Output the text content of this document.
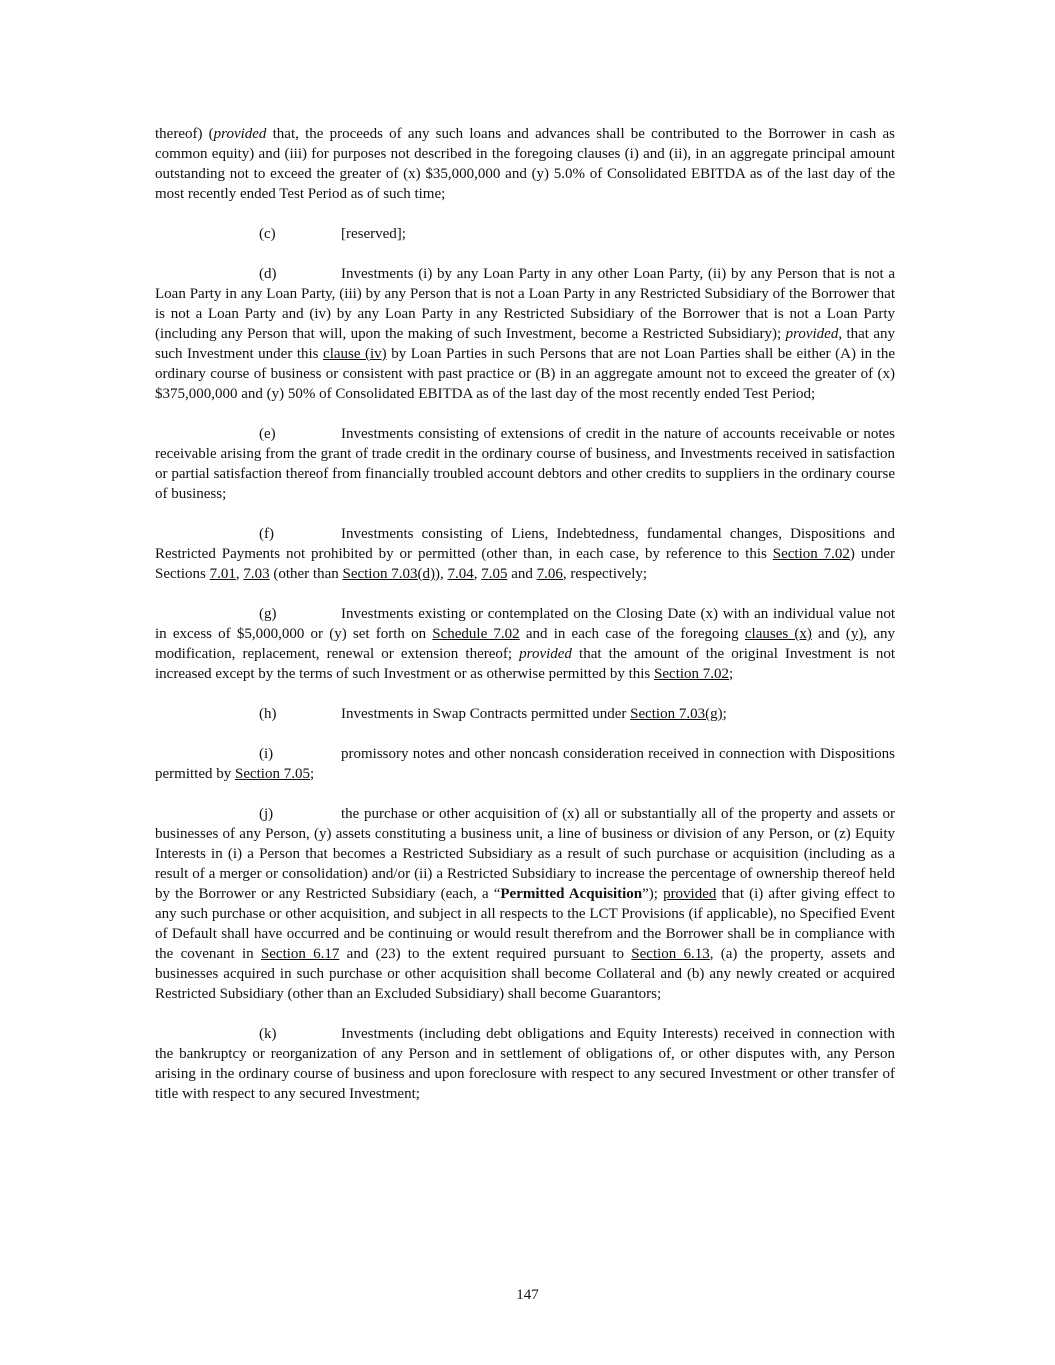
thereof) (provided that, the proceeds of any such loans and advances shall be contributed to the Borrower in cash as common equity) and (iii) for purposes not described in the foregoing clauses (i) and (ii), in an aggregate principal amount outstanding not to exceed the greater of (x) $35,000,000 and (y) 5.0% of Consolidated EBITDA as of the last day of the most recently ended Test Period as of such time;

(c)	[reserved];

(d)	Investments (i) by any Loan Party in any other Loan Party, (ii) by any Person that is not a Loan Party in any Loan Party, (iii) by any Person that is not a Loan Party in any Restricted Subsidiary of the Borrower that is not a Loan Party and (iv) by any Loan Party in any Restricted Subsidiary of the Borrower that is not a Loan Party (including any Person that will, upon the making of such Investment, become a Restricted Subsidiary); provided, that any such Investment under this clause (iv) by Loan Parties in such Persons that are not Loan Parties shall be either (A) in the ordinary course of business or consistent with past practice or (B) in an aggregate amount not to exceed the greater of (x) $375,000,000 and (y) 50% of Consolidated EBITDA as of the last day of the most recently ended Test Period;

(e)	Investments consisting of extensions of credit in the nature of accounts receivable or notes receivable arising from the grant of trade credit in the ordinary course of business, and Investments received in satisfaction or partial satisfaction thereof from financially troubled account debtors and other credits to suppliers in the ordinary course of business;

(f)	Investments consisting of Liens, Indebtedness, fundamental changes, Dispositions and Restricted Payments not prohibited by or permitted (other than, in each case, by reference to this Section 7.02) under Sections 7.01, 7.03 (other than Section 7.03(d)), 7.04, 7.05 and 7.06, respectively;

(g)	Investments existing or contemplated on the Closing Date (x) with an individual value not in excess of $5,000,000 or (y) set forth on Schedule 7.02 and in each case of the foregoing clauses (x) and (y), any modification, replacement, renewal or extension thereof; provided that the amount of the original Investment is not increased except by the terms of such Investment or as otherwise permitted by this Section 7.02;

(h)	Investments in Swap Contracts permitted under Section 7.03(g);

(i)	promissory notes and other noncash consideration received in connection with Dispositions permitted by Section 7.05;

(j)	the purchase or other acquisition of (x) all or substantially all of the property and assets or businesses of any Person, (y) assets constituting a business unit, a line of business or division of any Person, or (z) Equity Interests in (i) a Person that becomes a Restricted Subsidiary as a result of such purchase or acquisition (including as a result of a merger or consolidation) and/or (ii) a Restricted Subsidiary to increase the percentage of ownership thereof held by the Borrower or any Restricted Subsidiary (each, a “Permitted Acquisition”); provided that (i) after giving effect to any such purchase or other acquisition, and subject in all respects to the LCT Provisions (if applicable), no Specified Event of Default shall have occurred and be continuing or would result therefrom and the Borrower shall be in compliance with the covenant in Section 6.17 and (23) to the extent required pursuant to Section 6.13, (a) the property, assets and businesses acquired in such purchase or other acquisition shall become Collateral and (b) any newly created or acquired Restricted Subsidiary (other than an Excluded Subsidiary) shall become Guarantors;

(k)	Investments (including debt obligations and Equity Interests) received in connection with the bankruptcy or reorganization of any Person and in settlement of obligations of, or other disputes with, any Person arising in the ordinary course of business and upon foreclosure with respect to any secured Investment or other transfer of title with respect to any secured Investment;

147
